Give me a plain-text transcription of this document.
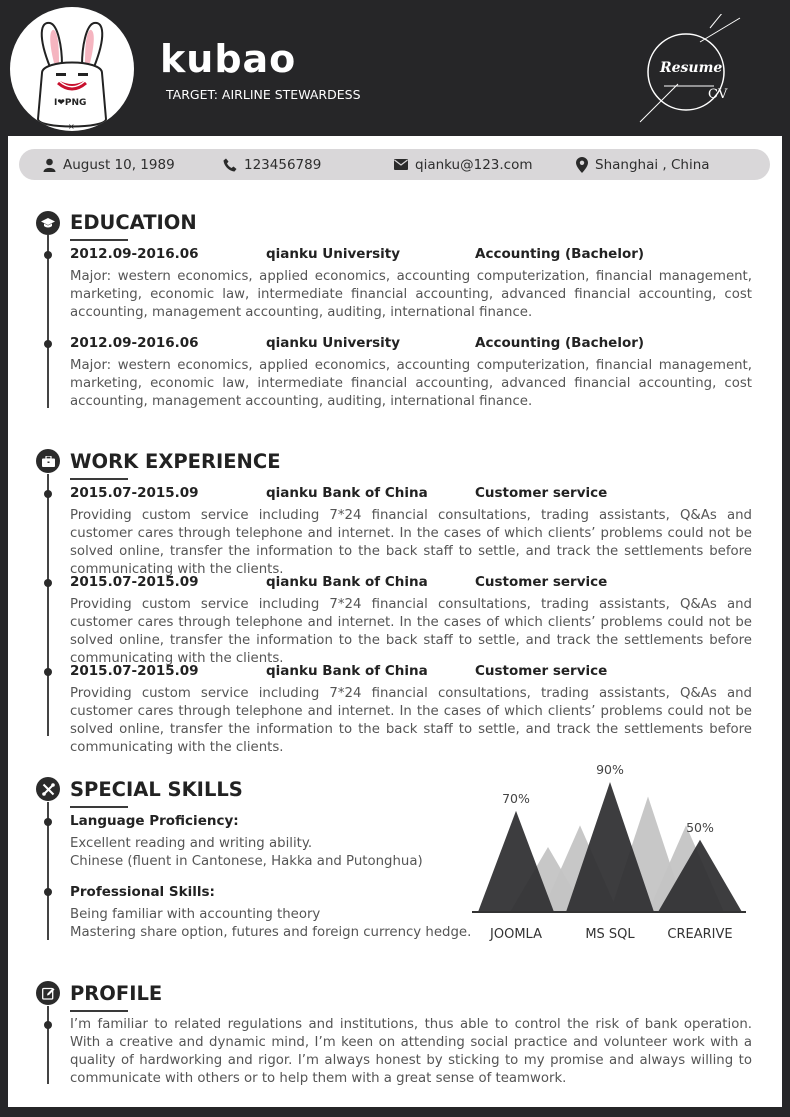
I❤PNG
×
kubao
TARGET: AIRLINE STEWARDESS
Resume
CV
August 10, 1989	123456789	qianku@123.com	Shanghai , China
EDUCATION
2012.09-2016.06	qianku University	Accounting (Bachelor)
Major: western economics, applied economics, accounting computerization, financial management, marketing, economic law, intermediate financial accounting, advanced financial accounting, cost accounting, management accounting, auditing, international finance.
2012.09-2016.06	qianku University	Accounting (Bachelor)
Major: western economics, applied economics, accounting computerization, financial management, marketing, economic law, intermediate financial accounting, advanced financial accounting, cost accounting, management accounting, auditing, international finance.
WORK EXPERIENCE
2015.07-2015.09	qianku Bank of China	Customer service
Providing custom service including 7*24 financial consultations, trading assistants, Q&As and customer cares through telephone and internet. In the cases of which clients’ problems could not be solved online, transfer the information to the back staff to settle, and track the settlements before communicating with the clients.
2015.07-2015.09	qianku Bank of China	Customer service
Providing custom service including 7*24 financial consultations, trading assistants, Q&As and customer cares through telephone and internet. In the cases of which clients’ problems could not be solved online, transfer the information to the back staff to settle, and track the settlements before communicating with the clients.
2015.07-2015.09	qianku Bank of China	Customer service
Providing custom service including 7*24 financial consultations, trading assistants, Q&As and customer cares through telephone and internet. In the cases of which clients’ problems could not be solved online, transfer the information to the back staff to settle, and track the settlements before communicating with the clients.
SPECIAL SKILLS
Language Proficiency:
Excellent reading and writing ability.
Chinese (fluent in Cantonese, Hakka and Putonghua)
Professional Skills:
Being familiar with accounting theory
Mastering share option, futures and foreign currency hedge.
70%
JOOMLA
90%
MS SQL
50%
CREARIVE
PROFILE
I’m familiar to related regulations and institutions, thus able to control the risk of bank operation. With a creative and dynamic mind, I’m keen on attending social practice and volunteer work with a quality of hardworking and rigor. I’m always honest by sticking to my promise and always willing to communicate with others or to help them with a great sense of teamwork.
